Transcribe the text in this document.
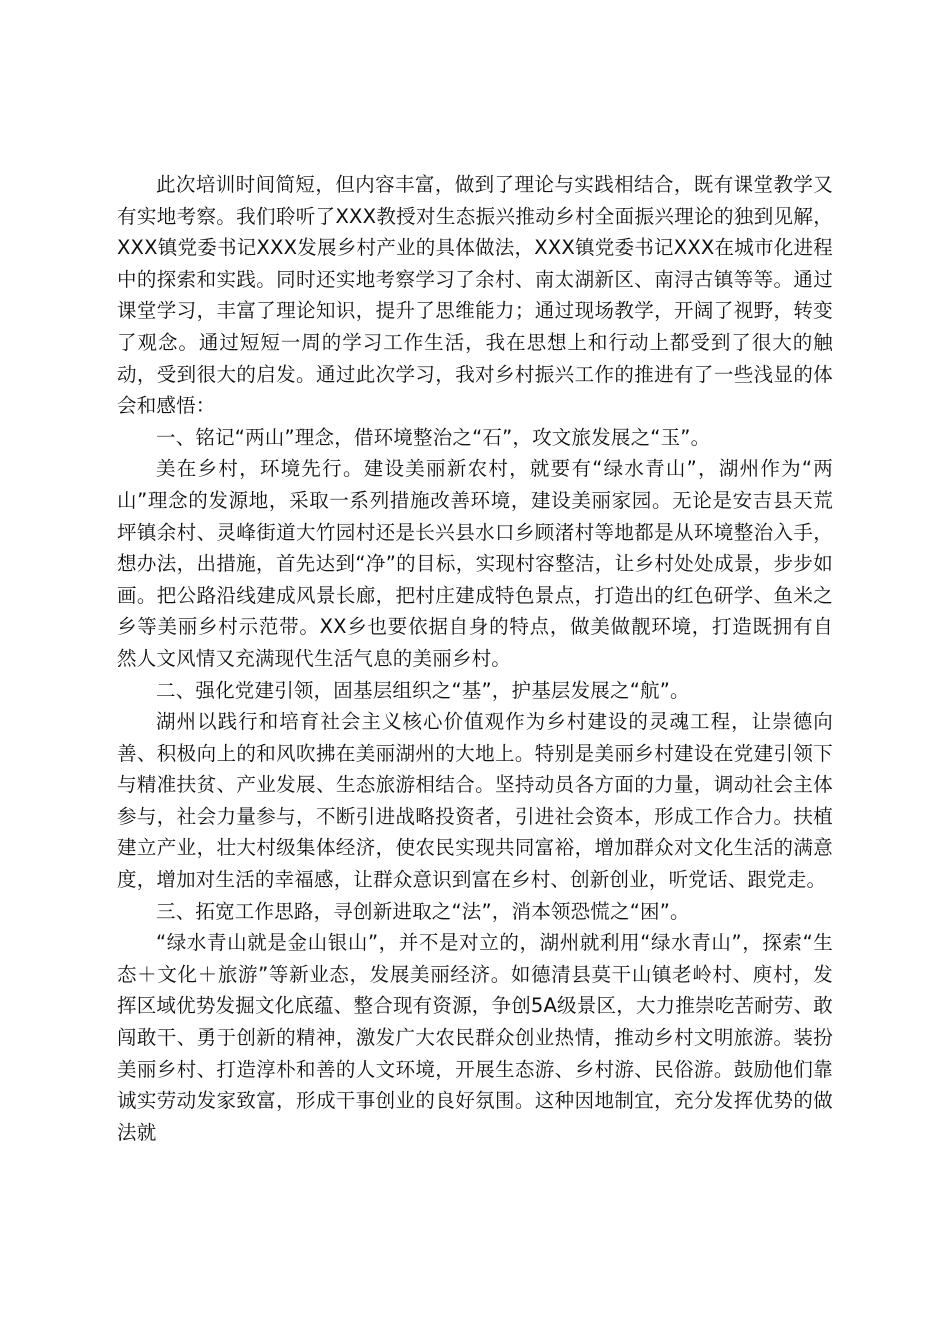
此次培训时间简短，但内容丰富，做到了理论与实践相结合，既有课堂教学又有实地考察。我们聆听了XXX教授对生态振兴推动乡村全面振兴理论的独到见解，XXX镇党委书记XXX发展乡村产业的具体做法，XXX镇党委书记XXX在城市化进程中的探索和实践。同时还实地考察学习了余村、南太湖新区、南浔古镇等等。通过课堂学习，丰富了理论知识，提升了思维能力；通过现场教学，开阔了视野，转变了观念。通过短短一周的学习工作生活，我在思想上和行动上都受到了很大的触动，受到很大的启发。通过此次学习，我对乡村振兴工作的推进有了一些浅显的体会和感悟：

一、铭记“两山”理念，借环境整治之“石”，攻文旅发展之“玉”。

美在乡村，环境先行。建设美丽新农村，就要有“绿水青山”，湖州作为“两山”理念的发源地，采取一系列措施改善环境，建设美丽家园。无论是安吉县天荒坪镇余村、灵峰街道大竹园村还是长兴县水口乡顾渚村等地都是从环境整治入手，想办法，出措施，首先达到“净”的目标，实现村容整洁，让乡村处处成景，步步如画。把公路沿线建成风景长廊，把村庄建成特色景点，打造出的红色研学、鱼米之乡等美丽乡村示范带。XX乡也要依据自身的特点，做美做靓环境，打造既拥有自然人文风情又充满现代生活气息的美丽乡村。

二、强化党建引领，固基层组织之“基”，护基层发展之“航”。

湖州以践行和培育社会主义核心价值观作为乡村建设的灵魂工程，让崇德向善、积极向上的和风吹拂在美丽湖州的大地上。特别是美丽乡村建设在党建引领下与精准扶贫、产业发展、生态旅游相结合。坚持动员各方面的力量，调动社会主体参与，社会力量参与，不断引进战略投资者，引进社会资本，形成工作合力。扶植建立产业，壮大村级集体经济，使农民实现共同富裕，增加群众对文化生活的满意度，增加对生活的幸福感，让群众意识到富在乡村、创新创业，听党话、跟党走。

三、拓宽工作思路，寻创新进取之“法”，消本领恐慌之“困”。

“绿水青山就是金山银山”，并不是对立的，湖州就利用“绿水青山”，探索“生态＋文化＋旅游”等新业态，发展美丽经济。如德清县莫干山镇老岭村、庾村，发挥区域优势发掘文化底蕴、整合现有资源，争创5A级景区，大力推崇吃苦耐劳、敢闯敢干、勇于创新的精神，激发广大农民群众创业热情，推动乡村文明旅游。装扮美丽乡村、打造淳朴和善的人文环境，开展生态游、乡村游、民俗游。鼓励他们靠诚实劳动发家致富，形成干事创业的良好氛围。这种因地制宜，充分发挥优势的做法就
